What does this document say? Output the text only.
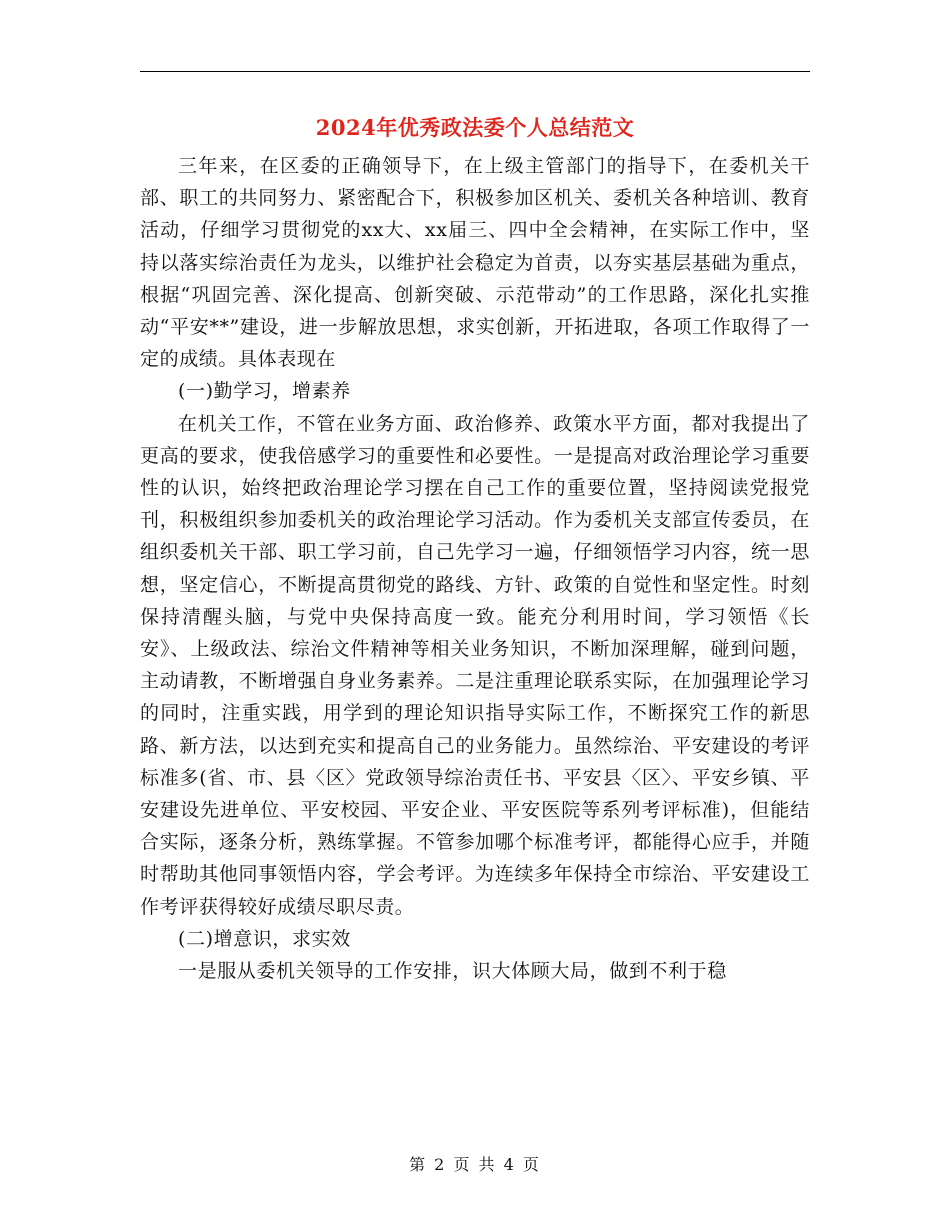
2024年优秀政法委个人总结范文

三年来，在区委的正确领导下，在上级主管部门的指导下，在委机关干部、职工的共同努力、紧密配合下，积极参加区机关、委机关各种培训、教育活动，仔细学习贯彻党的xx大、xx届三、四中全会精神，在实际工作中，坚持以落实综治责任为龙头，以维护社会稳定为首责，以夯实基层基础为重点，根据“巩固完善、深化提高、创新突破、示范带动”的工作思路，深化扎实推动“平安**”建设，进一步解放思想，求实创新，开拓进取，各项工作取得了一定的成绩。具体表现在

(一)勤学习，增素养

在机关工作，不管在业务方面、政治修养、政策水平方面，都对我提出了更高的要求，使我倍感学习的重要性和必要性。一是提高对政治理论学习重要性的认识，始终把政治理论学习摆在自己工作的重要位置，坚持阅读党报党刊，积极组织参加委机关的政治理论学习活动。作为委机关支部宣传委员，在组织委机关干部、职工学习前，自己先学习一遍，仔细领悟学习内容，统一思想，坚定信心，不断提高贯彻党的路线、方针、政策的自觉性和坚定性。时刻保持清醒头脑，与党中央保持高度一致。能充分利用时间，学习领悟《长安》、上级政法、综治文件精神等相关业务知识，不断加深理解，碰到问题，主动请教，不断增强自身业务素养。二是注重理论联系实际，在加强理论学习的同时，注重实践，用学到的理论知识指导实际工作，不断探究工作的新思路、新方法，以达到充实和提高自己的业务能力。虽然综治、平安建设的考评标准多(省、市、县〈区〉党政领导综治责任书、平安县〈区〉、平安乡镇、平安建设先进单位、平安校园、平安企业、平安医院等系列考评标准)，但能结合实际，逐条分析，熟练掌握。不管参加哪个标准考评，都能得心应手，并随时帮助其他同事领悟内容，学会考评。为连续多年保持全市综治、平安建设工作考评获得较好成绩尽职尽责。

(二)增意识，求实效

一是服从委机关领导的工作安排，识大体顾大局，做到不利于稳

第 2 页 共 4 页
